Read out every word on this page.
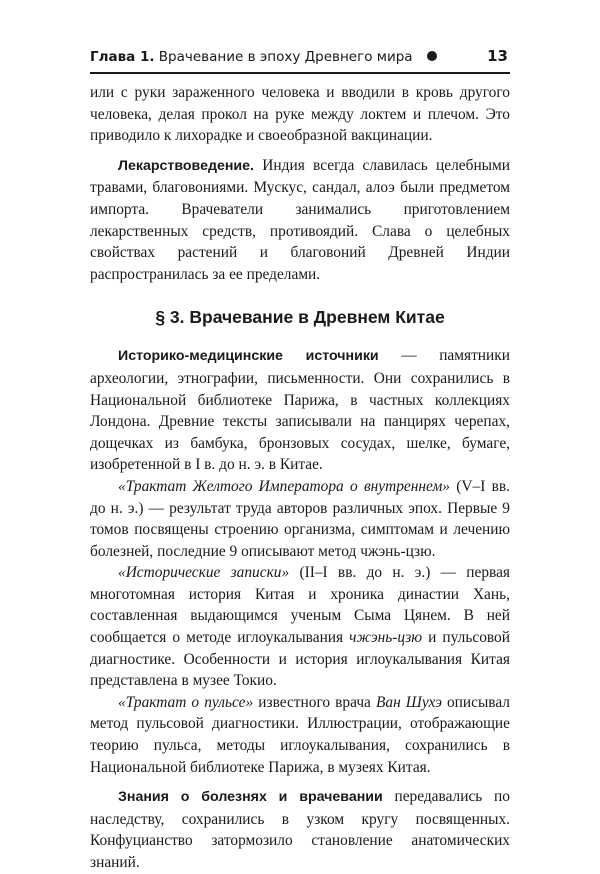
Глава 1. Врачевание в эпоху Древнего мира	13

или с руки зараженного человека и вводили в кровь другого человека, делая прокол на руке между локтем и плечом. Это приводило к лихорадке и своеобразной вакцинации.

Лекарствоведение. Индия всегда славилась целебными травами, благовониями. Мускус, сандал, алоэ были предметом импорта. Врачеватели занимались приготовлением лекарственных средств, противоядий. Слава о целебных свойствах растений и благовоний Древней Индии распространилась за ее пределами.

§ 3. Врачевание в Древнем Китае

Историко-медицинские источники — памятники археологии, этнографии, письменности. Они сохранились в Национальной библиотеке Парижа, в частных коллекциях Лондона. Древние тексты записывали на панцирях черепах, дощечках из бамбука, бронзовых сосудах, шелке, бумаге, изобретенной в I в. до н. э. в Китае.

«Трактат Желтого Императора о внутреннем» (V–I вв. до н. э.) — результат труда авторов различных эпох. Первые 9 томов посвящены строению организма, симптомам и лечению болезней, последние 9 описывают метод чжэнь-цзю.

«Исторические записки» (II–I вв. до н. э.) — первая многотомная история Китая и хроника династии Хань, составленная выдающимся ученым Сыма Цянем. В ней сообщается о методе иглоукалывания чжэнь-цзю и пульсовой диагностике. Особенности и история иглоукалывания Китая представлена в музее Токио.

«Трактат о пульсе» известного врача Ван Шухэ описывал метод пульсовой диагностики. Иллюстрации, отображающие теорию пульса, методы иглоукалывания, сохранились в Национальной библиотеке Парижа, в музеях Китая.

Знания о болезнях и врачевании передавались по наследству, сохранились в узком кругу посвященных. Конфуцианство затормозило становление анатомических знаний.
